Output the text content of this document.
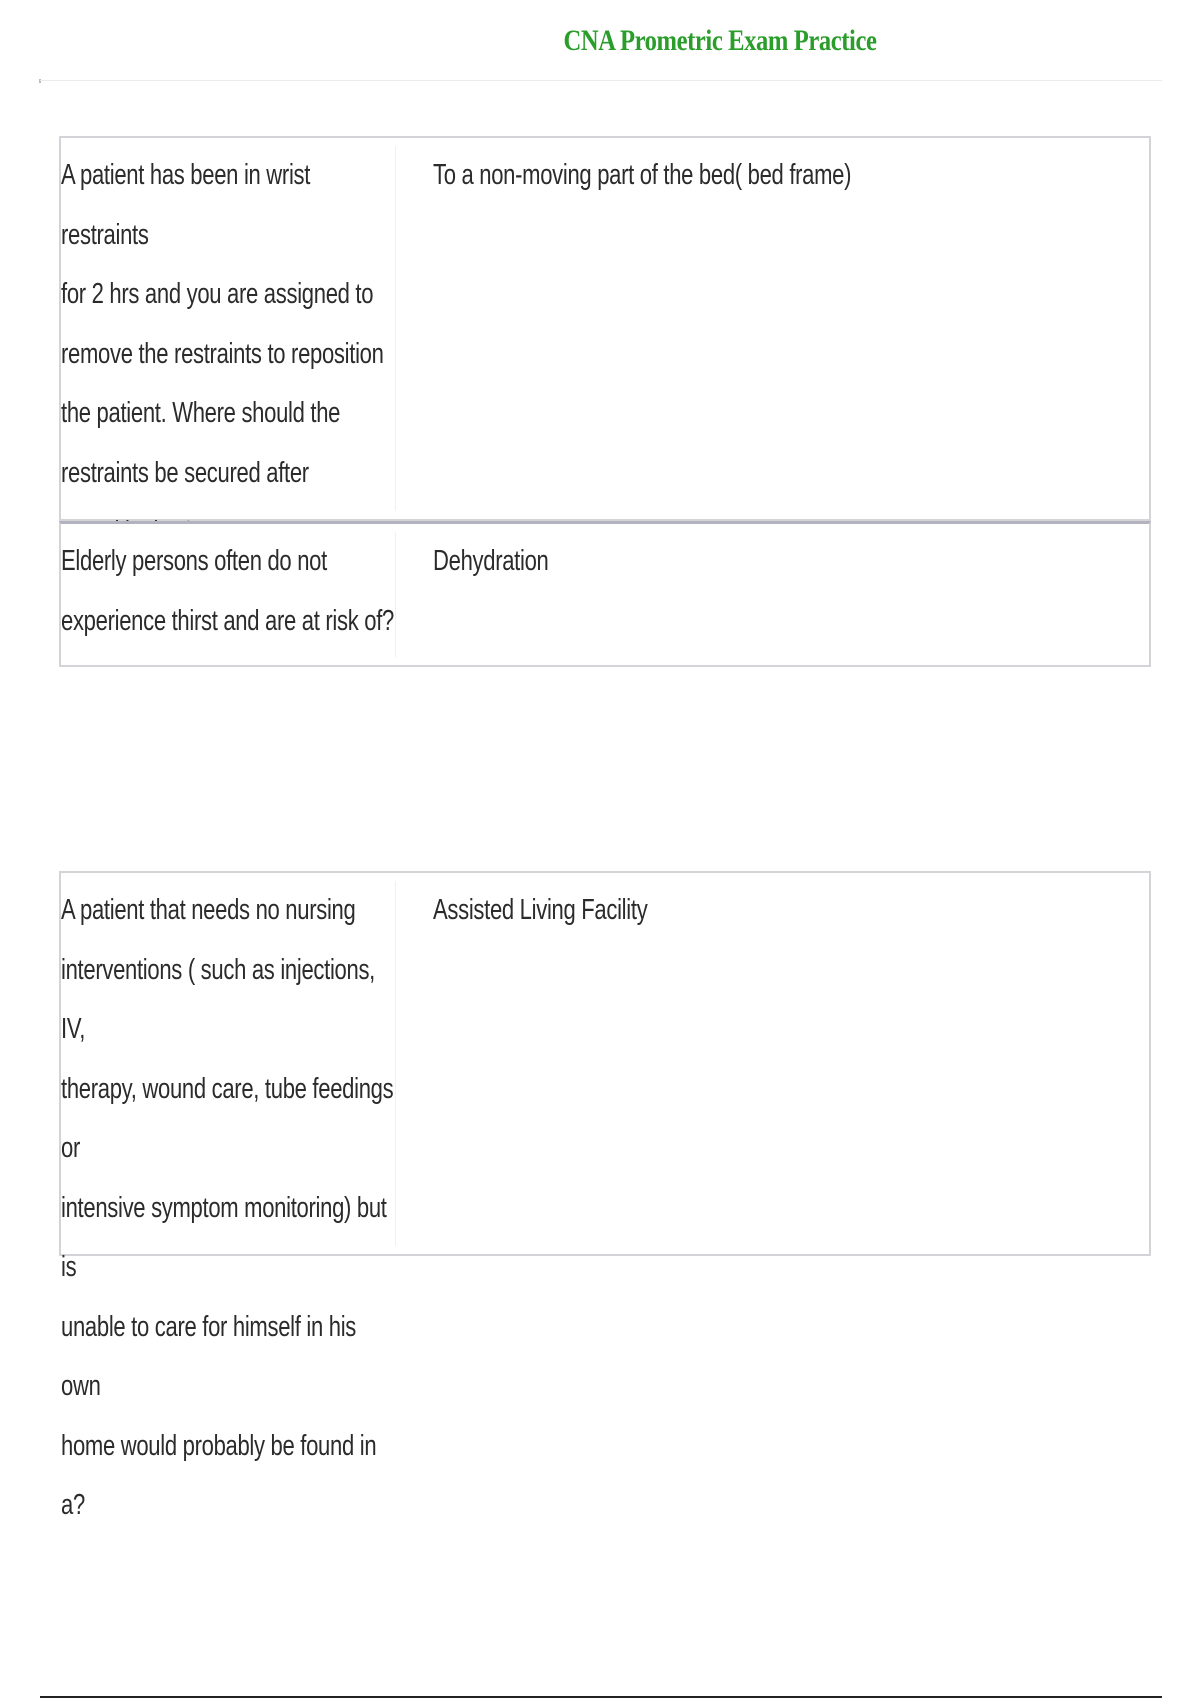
CNA Prometric Exam Practice

A patient has been in wrist restraints
for 2 hrs and you are assigned to
remove the restraints to reposition
the patient. Where should the
restraints be secured after

To a non-moving part of the bed( bed frame)

Elderly persons often do not
experience thirst and are at risk of?

Dehydration

A patient that needs no nursing
interventions ( such as injections, IV,
therapy, wound care, tube feedings or
intensive symptom monitoring) but is
unable to care for himself in his own
home would probably be found in a?

Assisted Living Facility
